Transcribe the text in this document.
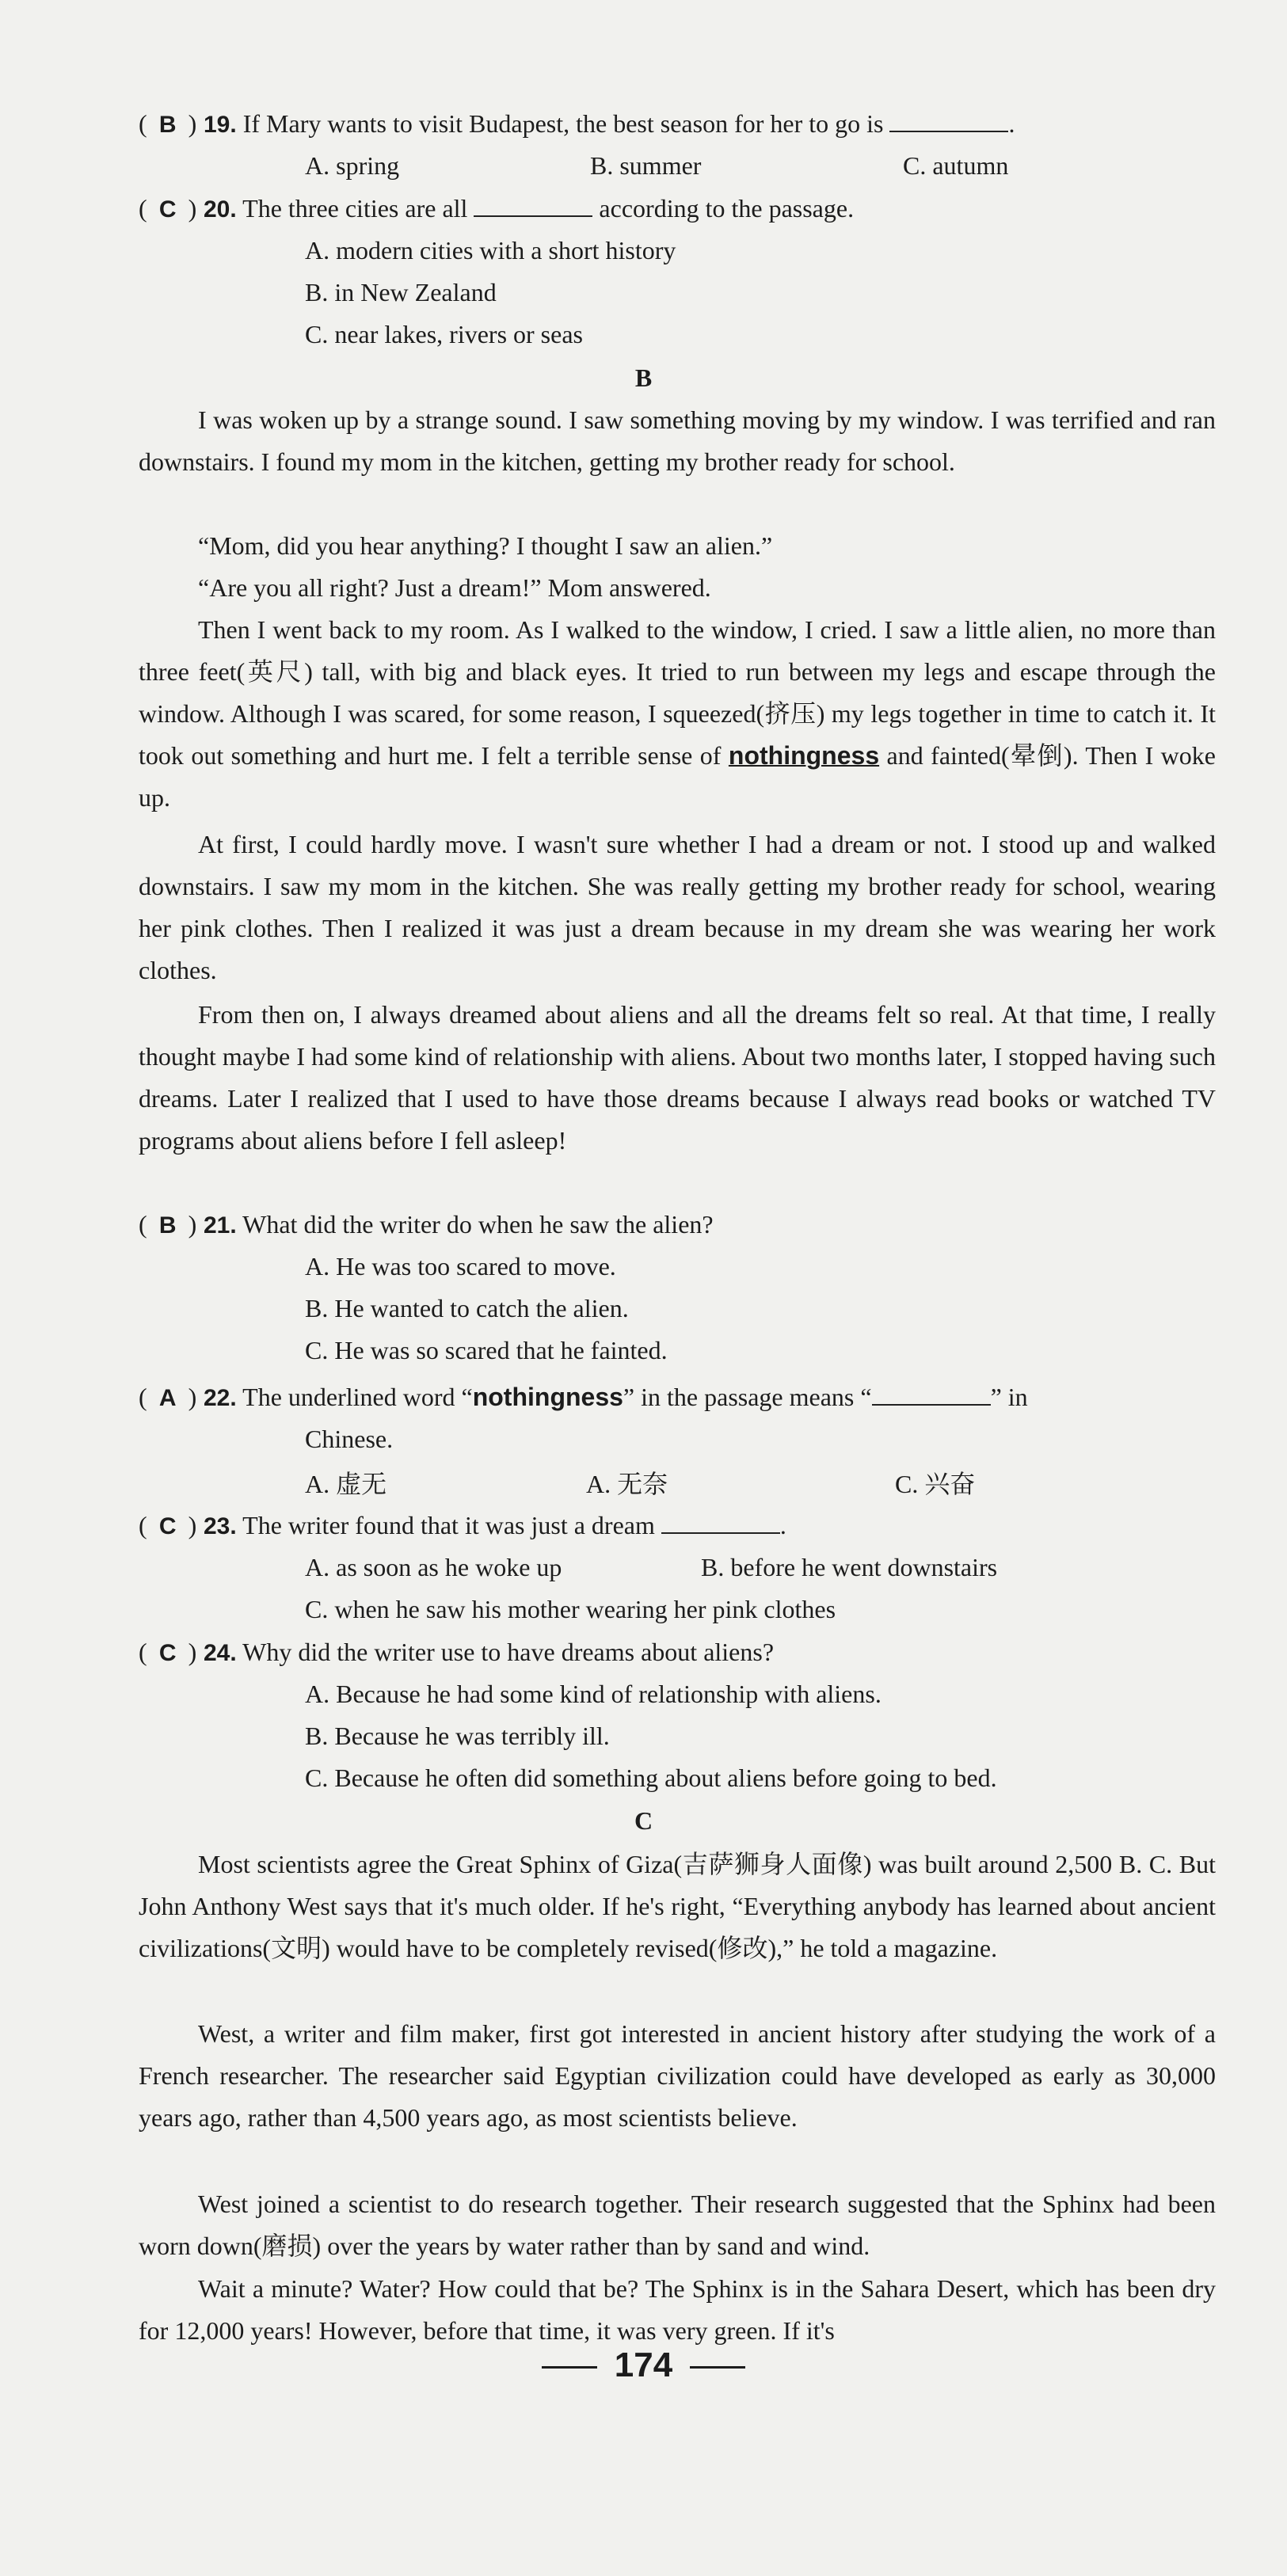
( B ) 19. If Mary wants to visit Budapest, the best season for her to go is	.
A. spring	B. summer	C. autumn
( C ) 20. The three cities are all	according to the passage.
A. modern cities with a short history
B. in New Zealand
C. near lakes, rivers or seas
B

I was woken up by a strange sound. I saw something moving by my window. I was terrified and ran downstairs. I found my mom in the kitchen, getting my brother ready for school.

“Mom, did you hear anything? I thought I saw an alien.”

“Are you all right? Just a dream!” Mom answered.

Then I went back to my room. As I walked to the window, I cried. I saw a little alien, no more than three feet(英尺) tall, with big and black eyes. It tried to run between my legs and escape through the window. Although I was scared, for some reason, I squeezed(挤压) my legs together in time to catch it. It took out something and hurt me. I felt a terrible sense of nothingness and fainted(晕倒). Then I woke up.

At first, I could hardly move. I wasn't sure whether I had a dream or not. I stood up and walked downstairs. I saw my mom in the kitchen. She was really getting my brother ready for school, wearing her pink clothes. Then I realized it was just a dream because in my dream she was wearing her work clothes.

From then on, I always dreamed about aliens and all the dreams felt so real. At that time, I really thought maybe I had some kind of relationship with aliens. About two months later, I stopped having such dreams. Later I realized that I used to have those dreams because I always read books or watched TV programs about aliens before I fell asleep!

( B ) 21. What did the writer do when he saw the alien?
A. He was too scared to move.
B. He wanted to catch the alien.
C. He was so scared that he fainted.
( A ) 22. The underlined word “nothingness” in the passage means “	” in
Chinese.
A. 虚无	A. 无奈	C. 兴奋
( C ) 23. The writer found that it was just a dream	.
A. as soon as he woke up	B. before he went downstairs
C. when he saw his mother wearing her pink clothes
( C ) 24. Why did the writer use to have dreams about aliens?
A. Because he had some kind of relationship with aliens.
B. Because he was terribly ill.
C. Because he often did something about aliens before going to bed.
C

Most scientists agree the Great Sphinx of Giza(吉萨狮身人面像) was built around 2,500 B. C. But John Anthony West says that it's much older. If he's right, “Everything anybody has learned about ancient civilizations(文明) would have to be completely revised(修改),” he told a magazine.

West, a writer and film maker, first got interested in ancient history after studying the work of a French researcher. The researcher said Egyptian civilization could have developed as early as 30,000 years ago, rather than 4,500 years ago, as most scientists believe.

West joined a scientist to do research together. Their research suggested that the Sphinx had been worn down(磨损) over the years by water rather than by sand and wind.

Wait a minute? Water? How could that be? The Sphinx is in the Sahara Desert, which has been dry for 12,000 years! However, before that time, it was very green. If it's

174
